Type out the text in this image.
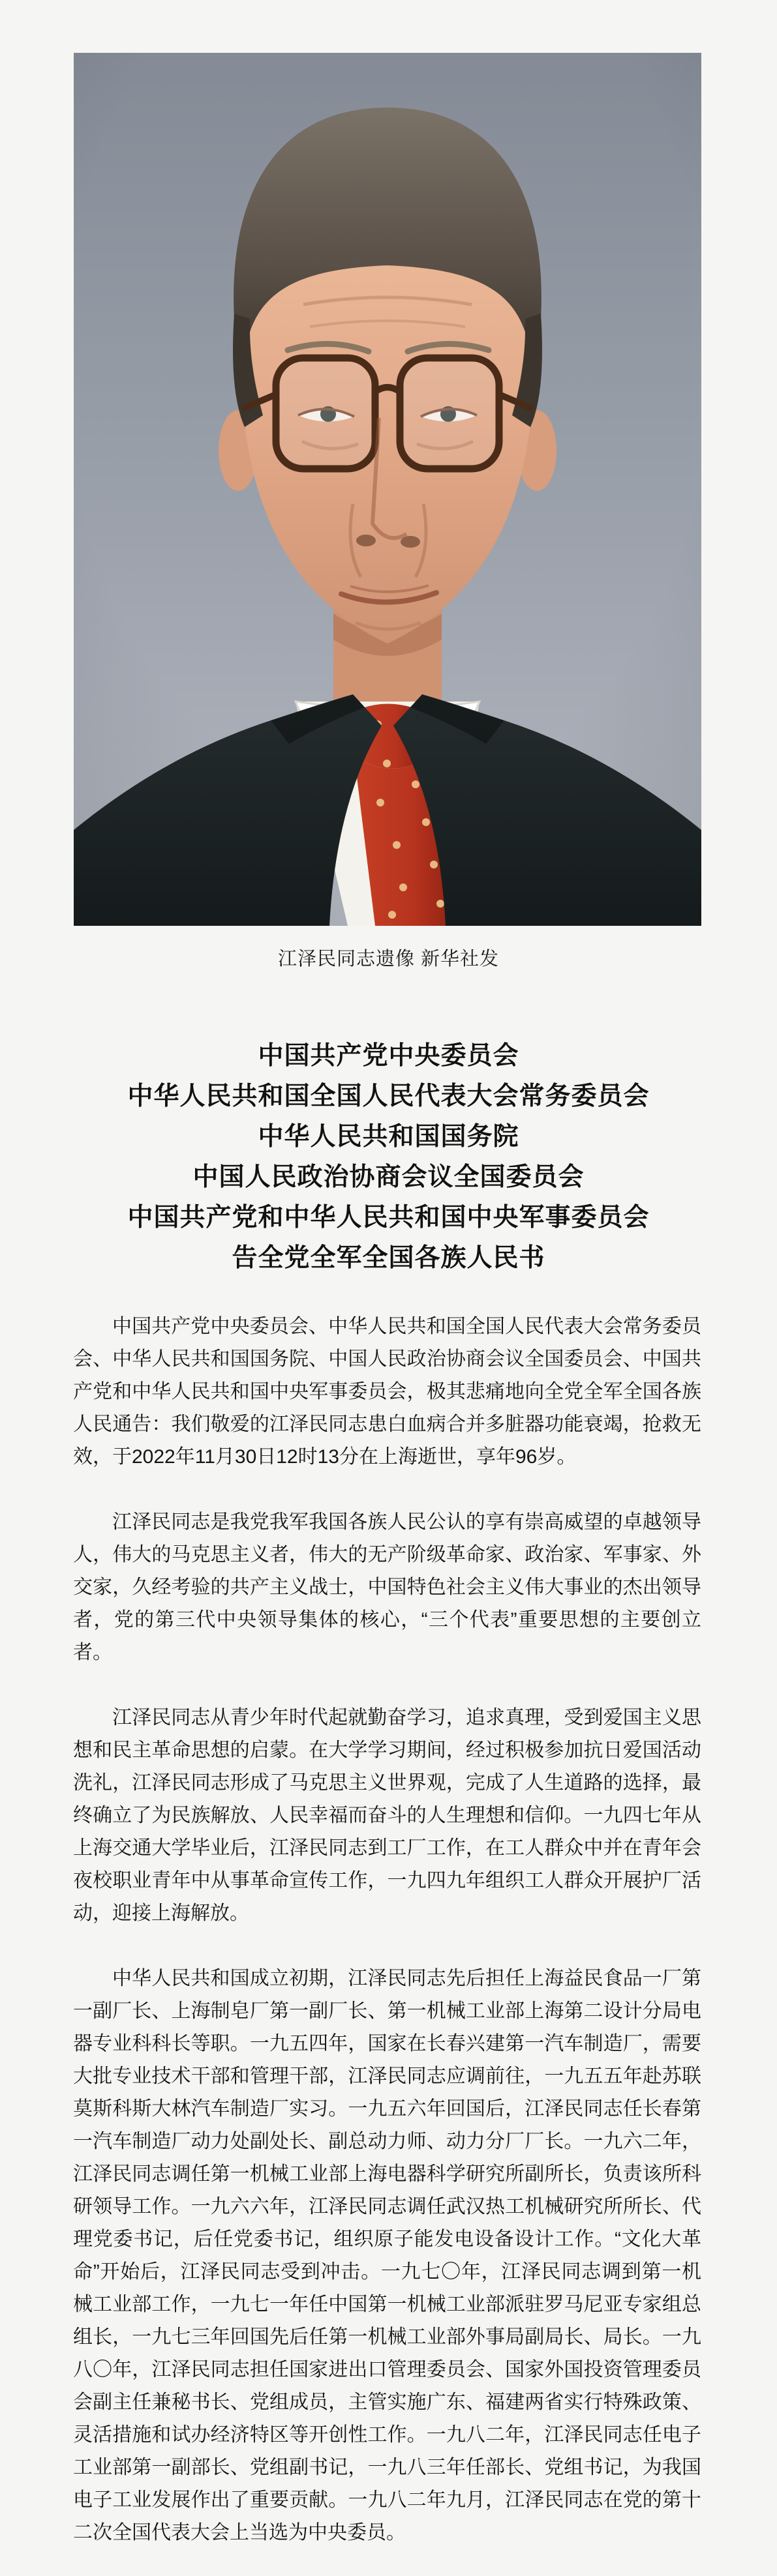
江泽民同志遗像 新华社发
中国共产党中央委员会
中华人民共和国全国人民代表大会常务委员会
中华人民共和国国务院
中国人民政治协商会议全国委员会
中国共产党和中华人民共和国中央军事委员会
告全党全军全国各族人民书

中国共产党中央委员会、中华人民共和国全国人民代表大会常务委员会、中华人民共和国国务院、中国人民政治协商会议全国委员会、中国共产党和中华人民共和国中央军事委员会，极其悲痛地向全党全军全国各族人民通告：我们敬爱的江泽民同志患白血病合并多脏器功能衰竭，抢救无效，于2022年11月30日12时13分在上海逝世，享年96岁。

江泽民同志是我党我军我国各族人民公认的享有崇高威望的卓越领导人，伟大的马克思主义者，伟大的无产阶级革命家、政治家、军事家、外交家，久经考验的共产主义战士，中国特色社会主义伟大事业的杰出领导者，党的第三代中央领导集体的核心，“三个代表”重要思想的主要创立者。

江泽民同志从青少年时代起就勤奋学习，追求真理，受到爱国主义思想和民主革命思想的启蒙。在大学学习期间，经过积极参加抗日爱国活动洗礼，江泽民同志形成了马克思主义世界观，完成了人生道路的选择，最终确立了为民族解放、人民幸福而奋斗的人生理想和信仰。一九四七年从上海交通大学毕业后，江泽民同志到工厂工作，在工人群众中并在青年会夜校职业青年中从事革命宣传工作，一九四九年组织工人群众开展护厂活动，迎接上海解放。

中华人民共和国成立初期，江泽民同志先后担任上海益民食品一厂第一副厂长、上海制皂厂第一副厂长、第一机械工业部上海第二设计分局电器专业科科长等职。一九五四年，国家在长春兴建第一汽车制造厂，需要大批专业技术干部和管理干部，江泽民同志应调前往，一九五五年赴苏联莫斯科斯大林汽车制造厂实习。一九五六年回国后，江泽民同志任长春第一汽车制造厂动力处副处长、副总动力师、动力分厂厂长。一九六二年，江泽民同志调任第一机械工业部上海电器科学研究所副所长，负责该所科研领导工作。一九六六年，江泽民同志调任武汉热工机械研究所所长、代理党委书记，后任党委书记，组织原子能发电设备设计工作。“文化大革命”开始后，江泽民同志受到冲击。一九七〇年，江泽民同志调到第一机械工业部工作，一九七一年任中国第一机械工业部派驻罗马尼亚专家组总组长，一九七三年回国先后任第一机械工业部外事局副局长、局长。一九八〇年，江泽民同志担任国家进出口管理委员会、国家外国投资管理委员会副主任兼秘书长、党组成员，主管实施广东、福建两省实行特殊政策、灵活措施和试办经济特区等开创性工作。一九八二年，江泽民同志任电子工业部第一副部长、党组副书记，一九八三年任部长、党组书记，为我国电子工业发展作出了重要贡献。一九八二年九月，江泽民同志在党的第十二次全国代表大会上当选为中央委员。
